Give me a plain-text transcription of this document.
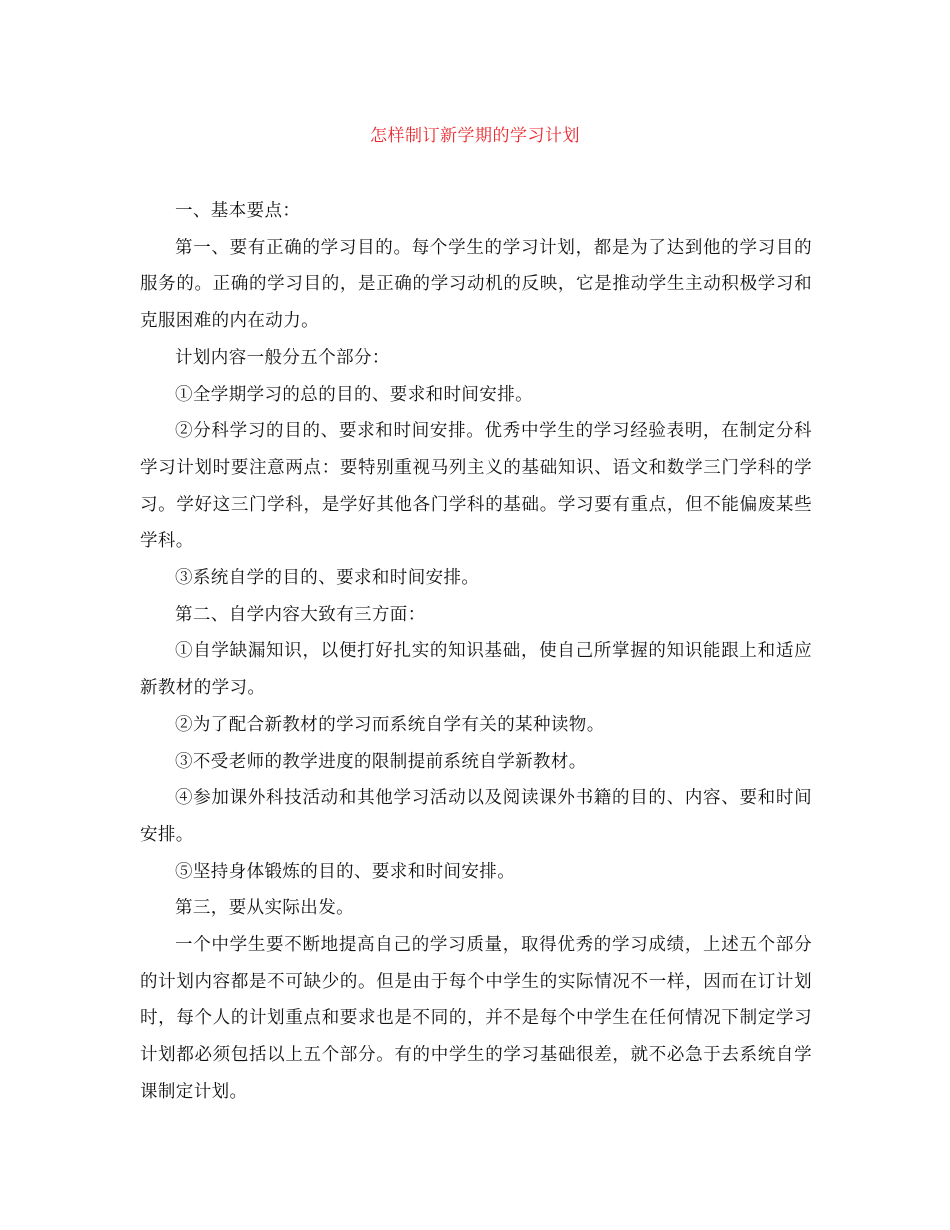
怎样制订新学期的学习计划

一、基本要点：

第一、要有正确的学习目的。每个学生的学习计划，都是为了达到他的学习目的服务的。正确的学习目的，是正确的学习动机的反映，它是推动学生主动积极学习和克服困难的内在动力。

计划内容一般分五个部分：

①全学期学习的总的目的、要求和时间安排。

②分科学习的目的、要求和时间安排。优秀中学生的学习经验表明，在制定分科学习计划时要注意两点：要特别重视马列主义的基础知识、语文和数学三门学科的学习。学好这三门学科，是学好其他各门学科的基础。学习要有重点，但不能偏废某些学科。

③系统自学的目的、要求和时间安排。

第二、自学内容大致有三方面：

①自学缺漏知识，以便打好扎实的知识基础，使自己所掌握的知识能跟上和适应新教材的学习。

②为了配合新教材的学习而系统自学有关的某种读物。

③不受老师的教学进度的限制提前系统自学新教材。

④参加课外科技活动和其他学习活动以及阅读课外书籍的目的、内容、要和时间安排。

⑤坚持身体锻炼的目的、要求和时间安排。

第三，要从实际出发。

一个中学生要不断地提高自己的学习质量，取得优秀的学习成绩，上述五个部分的计划内容都是不可缺少的。但是由于每个中学生的实际情况不一样，因而在订计划时，每个人的计划重点和要求也是不同的，并不是每个中学生在任何情况下制定学习计划都必须包括以上五个部分。有的中学生的学习基础很差，就不必急于去系统自学课制定计划。
